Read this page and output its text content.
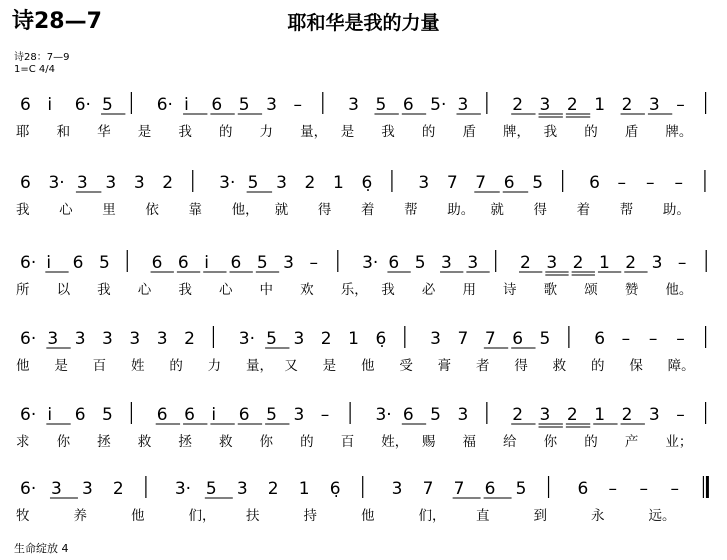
诗28—7	耶和华是我的力量
诗28：7—9
1=C 4/4
6 i̇ 6· 5	6· i̇ 6 5 3 –	3 5 6 5· 3	2 3 2 1 2 3 –
耶 和 华 是 我 的 力 量， 是 我 的 盾 牌， 我 的 盾 牌。
6 3· 3 3 3 2	3· 5 3 2 1 6̣	3 7 7 6 5	6 – – –
我 心 里 依 靠 他， 就 得 着 帮 助。 就 得 着 帮 助。
6· i̇ 6 5 6 6 i̇ 6 5 3 –	3· 6 5 3 3 2 3 2 1 2 3 –
所 以 我 心 我 心 中 欢 乐， 我 必 用 诗 歌 颂 赞 他。
6· 3 3 3 3 3 2	3· 5 3 2 1 6̣	3 7 7 6 5	6 – – –
他 是 百 姓 的 力 量， 又 是 他 受 膏 者 得 救 的 保 障。
6· i̇ 6 5	6 6 i̇ 6 5 3 –	3· 6 5 3	2 3 2 1 2 3 –
求 你 拯 救 拯 救 你 的 百 姓， 赐 福 给 你 的 产 业；
6· 3 3 2	3· 5 3 2 1 6̣	3 7 7 6 5	6 – – –
牧	养	他	们， 扶	持	他	们， 直	到	永	远。
生命绽放 4
